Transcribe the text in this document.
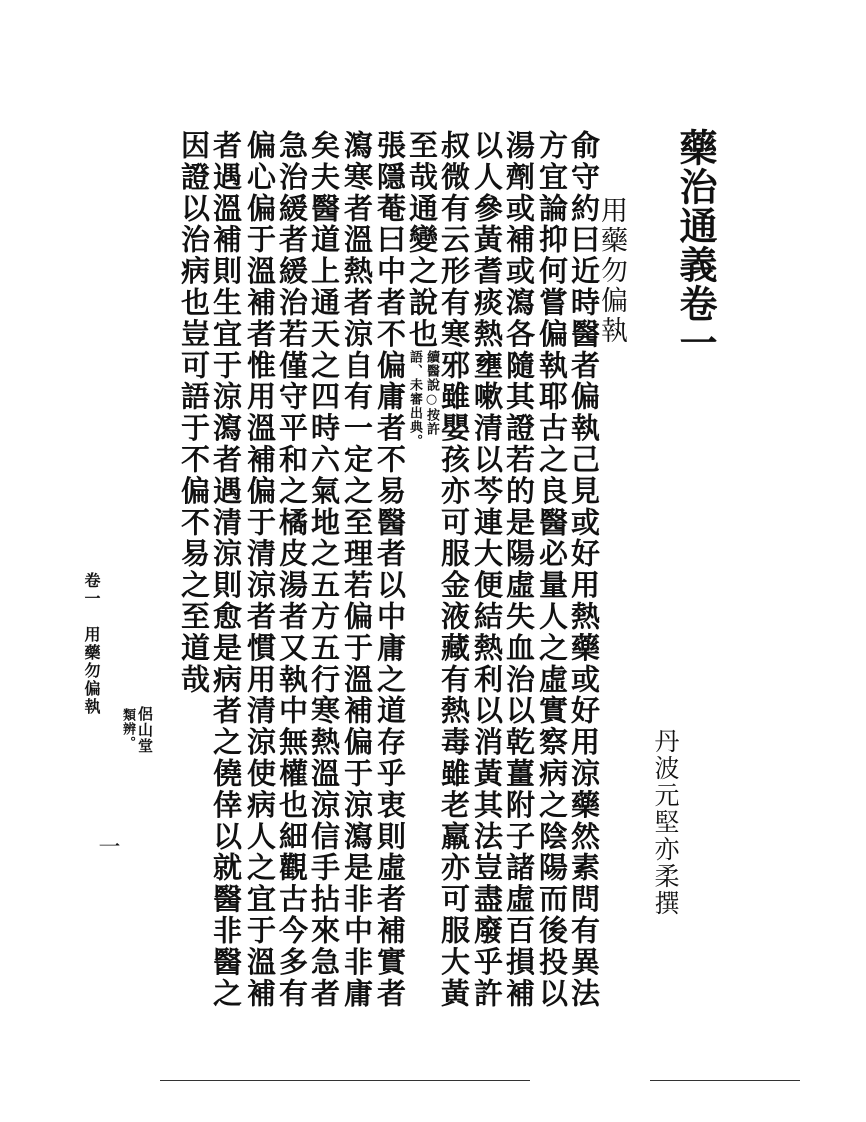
藥治通義卷一
丹波元堅亦柔撰
用藥勿偏執
俞守約曰近時醫者偏執己見或好用熱藥或好用涼藥然素問有異法
方宜論抑何嘗偏執耶古之良醫必量人之虛實察病之陰陽而後投以
湯劑或補或瀉各隨其證若的是陽虛失血治以乾薑附子諸虛百損補
以人參黃耆痰熱壅嗽清以芩連大便結熱利以消黃其法豈盡廢乎許
叔微有云形有寒邪雖嬰孩亦可服金液藏有熱毒雖老羸亦可服大黃
至哉通變之說也
續醫說○按許
語、未審出典。
張隱菴曰中者不偏庸者不易醫者以中庸之道存乎衷則虛者補實者
瀉寒者溫熱者涼自有一定之至理若偏于溫補偏于涼瀉是非中非庸
矣夫醫道上通天之四時六氣地之五方五行寒熱溫涼信手拈來急者
急治緩者緩治若僅守平和之橘皮湯者又執中無權也細觀古今多有
偏心偏于溫補者惟用溫補偏于清涼者慣用清涼使病人之宜于溫補
者遇溫補則生宜于涼瀉者遇清涼則愈是病者之僥倖以就醫非醫之
因證以治病也豈可語于不偏不易之至道哉
侶山堂
類辨。
卷一　用藥勿偏執
一
